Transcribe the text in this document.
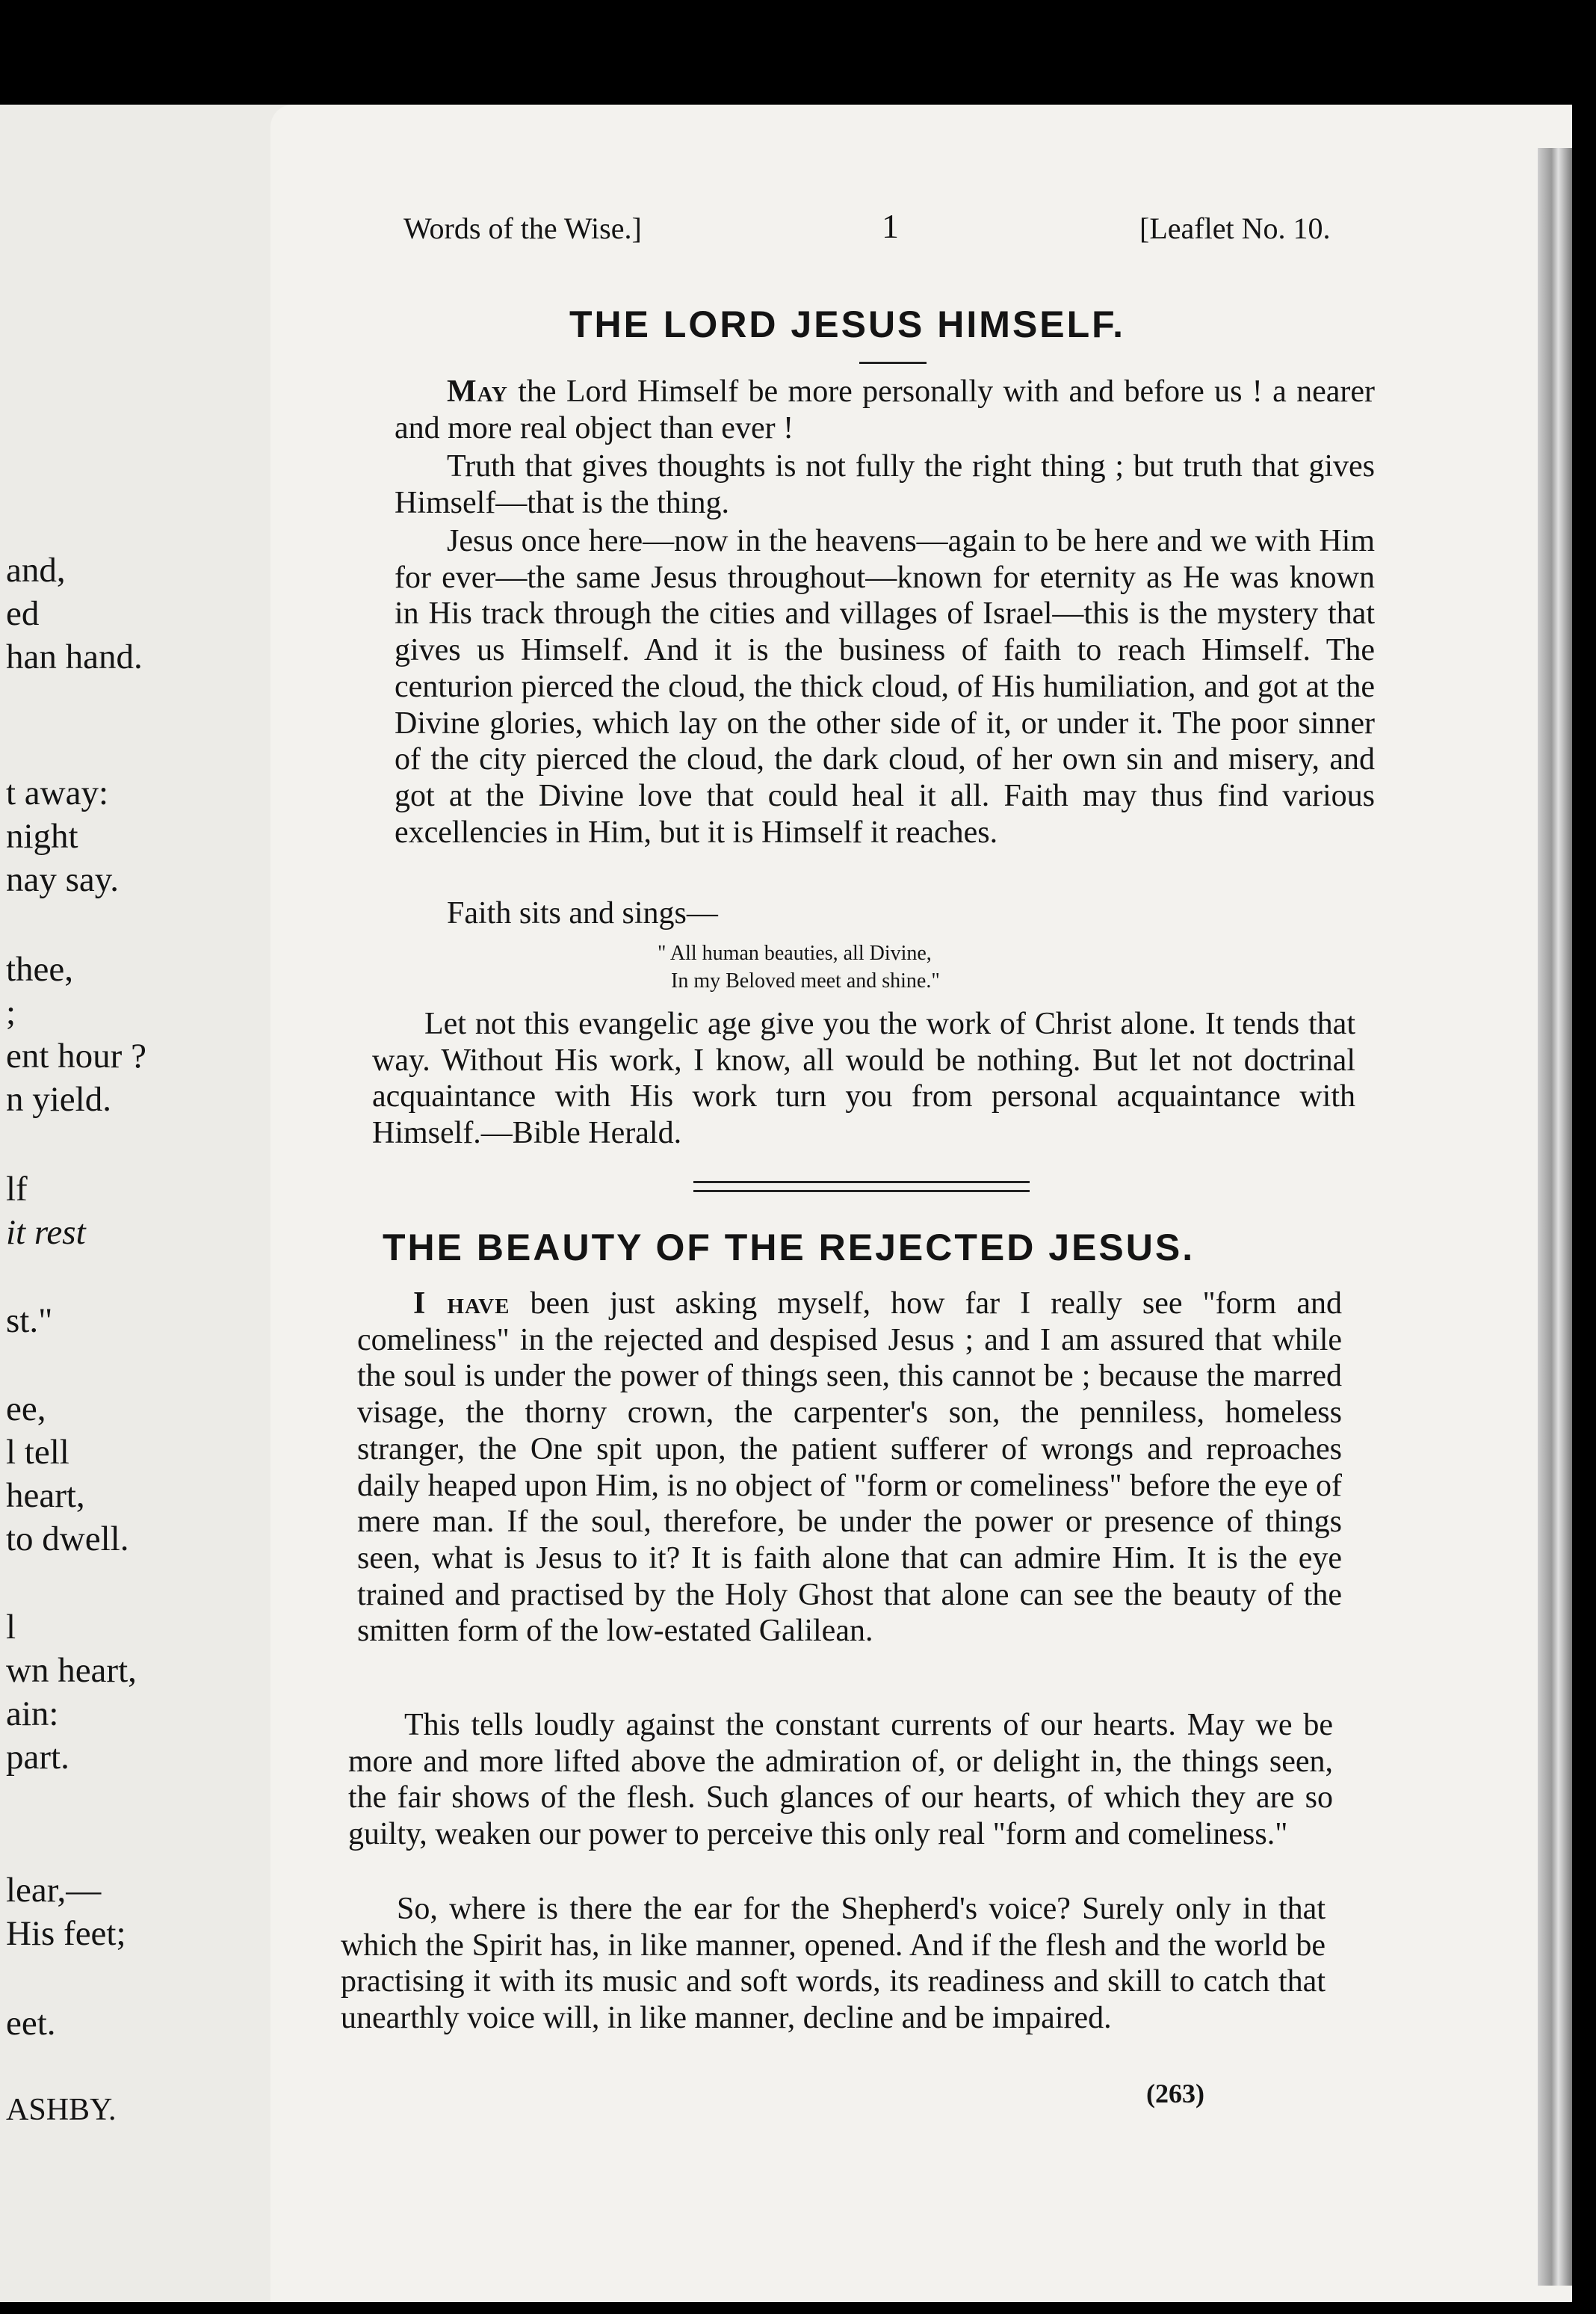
and,
ed
han hand.
t away:
night
nay say.
thee,
;
ent hour ?
n yield.
lf
it rest
st."
ee,
l tell
heart,
to dwell.
l
wn heart,
ain:
part.
lear,—
His feet;
eet.
ASHBY.
Words of the Wise.]	1	[Leaflet No. 10.
THE LORD JESUS HIMSELF.

May the Lord Himself be more personally with and before us ! a nearer and more real object than ever !

Truth that gives thoughts is not fully the right thing ; but truth that gives Himself—that is the thing.

Jesus once here—now in the heavens—again to be here and we with Him for ever—the same Jesus throughout—known for eternity as He was known in His track through the cities and villages of Israel—this is the mystery that gives us Himself. And it is the business of faith to reach Himself. The centurion pierced the cloud, the thick cloud, of His humiliation, and got at the Divine glories, which lay on the other side of it, or under it. The poor sinner of the city pierced the cloud, the dark cloud, of her own sin and misery, and got at the Divine love that could heal it all. Faith may thus find various excellencies in Him, but it is Himself it reaches.

Faith sits and sings—

" All human beauties, all Divine,
In my Beloved meet and shine."

Let not this evangelic age give you the work of Christ alone. It tends that way. Without His work, I know, all would be nothing. But let not doctrinal acquaintance with His work turn you from personal acquaintance with Himself.—Bible Herald.

THE BEAUTY OF THE REJECTED JESUS.

I have been just asking myself, how far I really see "form and comeliness" in the rejected and despised Jesus ; and I am assured that while the soul is under the power of things seen, this cannot be ; because the marred visage, the thorny crown, the carpenter's son, the penniless, homeless stranger, the One spit upon, the patient sufferer of wrongs and reproaches daily heaped upon Him, is no object of "form or comeliness" before the eye of mere man. If the soul, therefore, be under the power or presence of things seen, what is Jesus to it? It is faith alone that can admire Him. It is the eye trained and practised by the Holy Ghost that alone can see the beauty of the smitten form of the low-estated Galilean.

This tells loudly against the constant currents of our hearts. May we be more and more lifted above the admiration of, or delight in, the things seen, the fair shows of the flesh. Such glances of our hearts, of which they are so guilty, weaken our power to perceive this only real "form and comeliness."

So, where is there the ear for the Shepherd's voice? Surely only in that which the Spirit has, in like manner, opened. And if the flesh and the world be practising it with its music and soft words, its readiness and skill to catch that unearthly voice will, in like manner, decline and be impaired.

(263)
